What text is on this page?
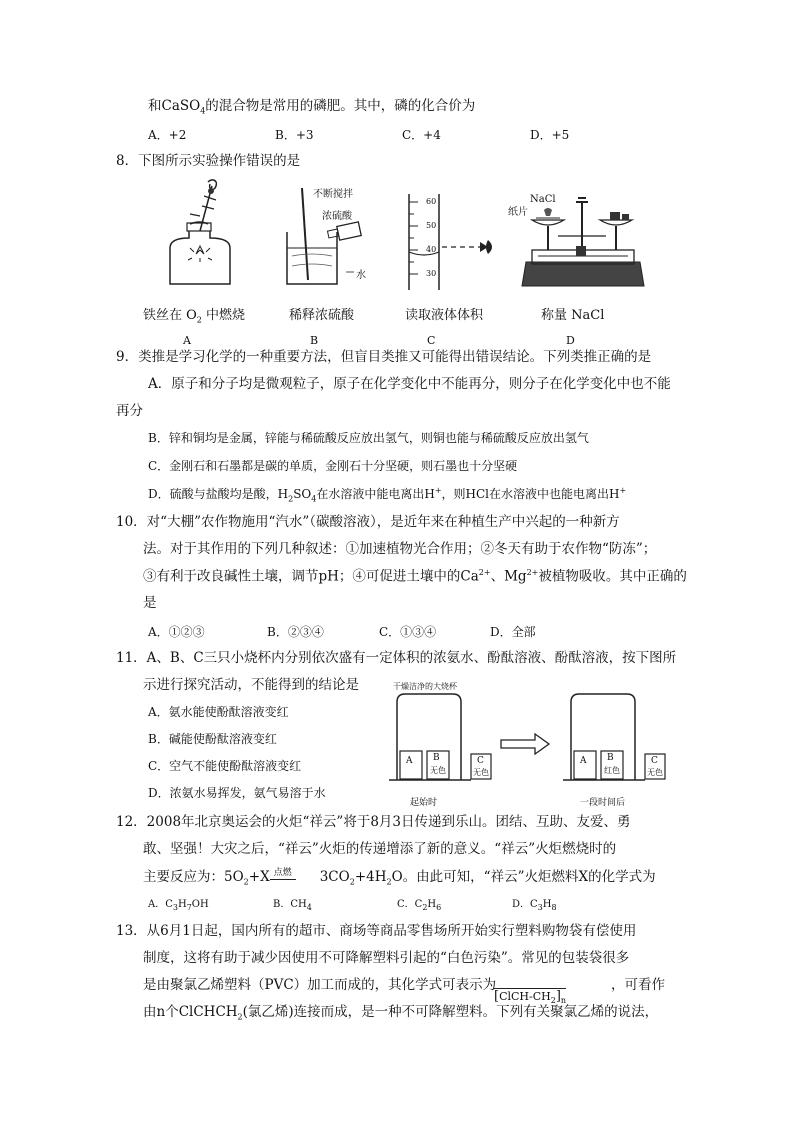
和CaSO$_4$的混合物是常用的磷肥。其中，磷的化合价为
A．+2	B．+3	C．+4	D．+5
8．下图所示实验操作错误的是
铁丝在 $O_2$ 中燃烧
A
不断搅拌
浓硫酸
水
稀释浓硫酸
B
60
50
40
30
读取液体体积
C
纸片
NaCl
称量 NaCl
D
9．类推是学习化学的一种重要方法，但盲目类推又可能得出错误结论。下列类推正确的是
A．原子和分子均是微观粒子，原子在化学变化中不能再分，则分子在化学变化中也不能
再分
B．锌和铜均是金属，锌能与稀硫酸反应放出氢气，则铜也能与稀硫酸反应放出氢气
C．金刚石和石墨都是碳的单质，金刚石十分坚硬，则石墨也十分坚硬
D．硫酸与盐酸均是酸，$H_2SO_4$在水溶液中能电离出H+，则HCl在水溶液中也能电离出H+
10．对“大棚”农作物施用“汽水”（碳酸溶液），是近年来在种植生产中兴起的一种新方
法。对于其作用的下列几种叙述：①加速植物光合作用；②冬天有助于农作物“防冻”；
③有利于改良碱性土壤，调节pH；④可促进土壤中的$Ca^{2+}$、$Mg^{2+}$被植物吸收。其中正确的
是
A．①②③	B．②③④	C．①③④	D．全部
11．A、B、C三只小烧杯内分别依次盛有一定体积的浓氨水、酚酞溶液、酚酞溶液，按下图所
示进行探究活动，不能得到的结论是
A．氨水能使酚酞溶液变红
B．碱能使酚酞溶液变红
C．空气不能使酚酞溶液变红
D．浓氨水易挥发，氨气易溶于水
干燥洁净的大烧杯
A B
无色
C
无色
A B
红色
C
无色
起始时	一段时间后
12．2008年北京奥运会的火炬“祥云”将于8月3日传递到乐山。团结、互助、友爱、勇
敢、坚强！大灾之后，“祥云”火炬的传递增添了新的意义。“祥云”火炬燃烧时的
主要反应为：$5O_2+X$ 点燃 $3CO_2+4H_2O$。由此可知，“祥云”火炬燃料X的化学式为
A．$C_3H_7OH$	B．$CH_4$	C．$C_2H_6$	D．$C_3H_8$
13．从6月1日起，国内所有的超市、商场等商品零售场所开始实行塑料购物袋有偿使用
制度，这将有助于减少因使用不可降解塑料引起的“白色污染”。常见的包装袋很多
是由聚氯乙烯塑料（PVC）加工而成的，其化学式可表示为	，可看作
$[ClCH-CH_2]_n$
由n个ClCHCH$_2$(氯乙烯)连接而成，是一种不可降解塑料。下列有关聚氯乙烯的说法，
